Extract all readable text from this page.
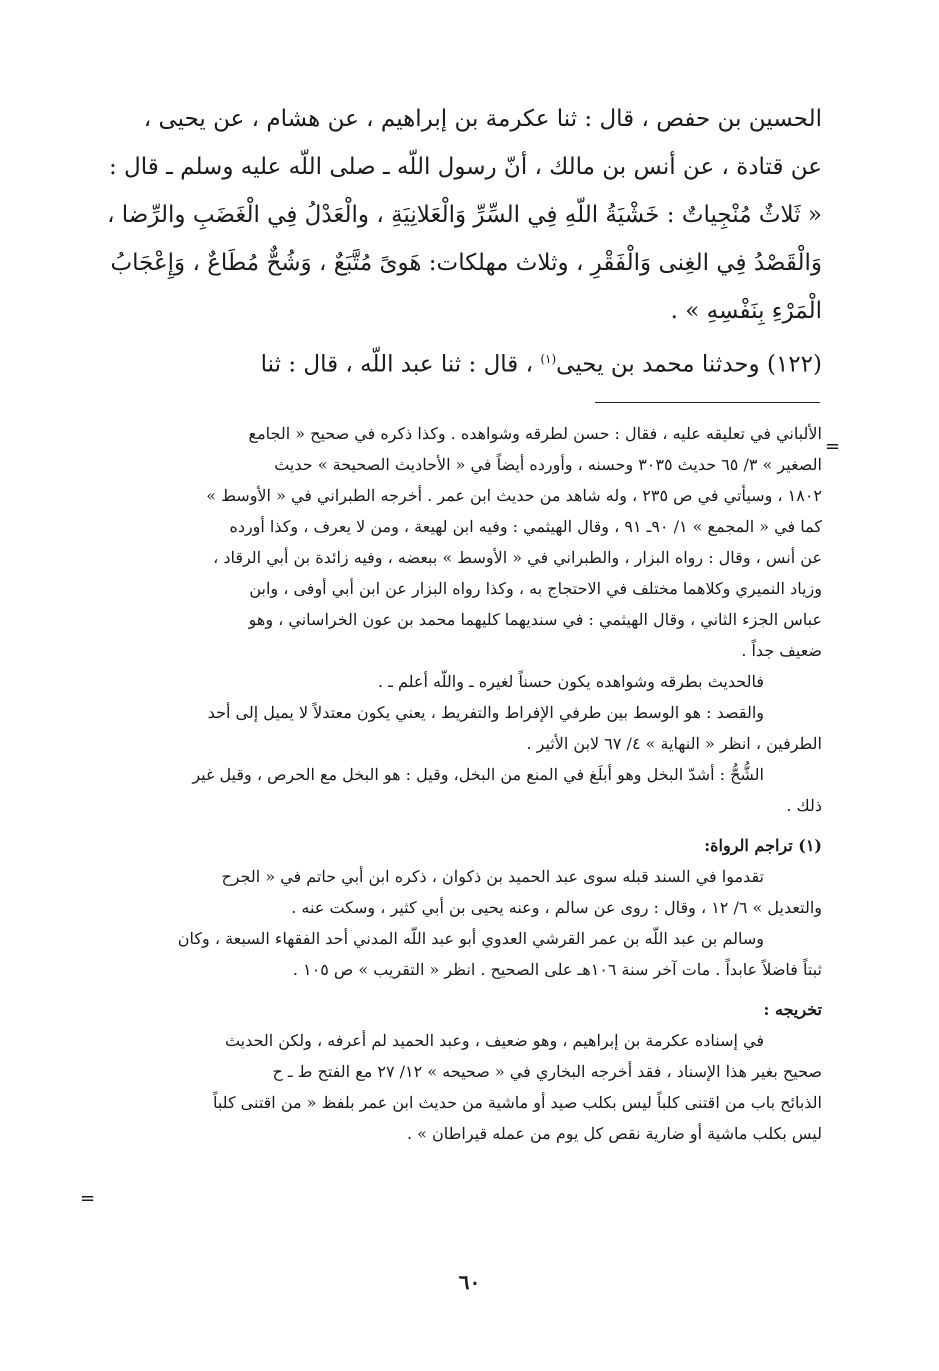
الحسين بن حفص ، قال : ثنا عكرمة بن إبراهيم ، عن هشام ، عن يحيى ،
عن قتادة ، عن أنس بن مالك ، أنّ رسول اللّه ـ صلى اللّه عليه وسلم ـ قال :
« ثَلاثٌ مُنْجِياتٌ : خَشْيَةُ اللّهِ فِي السِّرِّ وَالْعَلانِيَةِ ، والْعَدْلُ فِي الْغَضَبِ والرِّضا ،
وَالْقَصْدُ فِي الغِنى وَالْفَقْرِ ، وثلاث مهلكات: هَوىً مُتَّبَعٌ ، وَشُحٌّ مُطَاعٌ ، وَإِعْجَابُ
الْمَرْءِ بِنَفْسِهِ » .
(١٢٢) وحدثنا محمد بن يحيى$^{(١)}$ ، قال : ثنا عبد اللّه ، قال : ثنا
=
الألباني في تعليقه عليه ، فقال : حسن لطرقه وشواهده . وكذا ذكره في صحيح « الجامع
الصغير » ٣/ ٦٥ حديث ٣٠٣٥ وحسنه ، وأورده أيضاً في « الأحاديث الصحيحة » حديث
١٨٠٢ ، وسيأتي في ص ٢٣٥ ، وله شاهد من حديث ابن عمر . أخرجه الطبراني في « الأوسط »
كما في « المجمع » ١/ ٩٠ـ ٩١ ، وقال الهيثمي : وفيه ابن لهيعة ، ومن لا يعرف ، وكذا أورده
عن أنس ، وقال : رواه البزار ، والطبراني في « الأوسط » ببعضه ، وفيه زائدة بن أبي الرقاد ،
وزياد النميري وكلاهما مختلف في الاحتجاج به ، وكذا رواه البزار عن ابن أبي أوفى ، وابن
عباس الجزء الثاني ، وقال الهيثمي : في سنديهما كليهما محمد بن عون الخراساني ، وهو
ضعيف جداً .
فالحديث بطرقه وشواهده يكون حسناً لغيره ـ واللّه أعلم ـ .
والقصد : هو الوسط بين طرفي الإفراط والتفريط ، يعني يكون معتدلاً لا يميل إلى أحد
الطرفين ، انظر « النهاية » ٤/ ٦٧ لابن الأثير .
الشُّحُّ : أشدّ البخل وهو أبلَغ في المنع من البخل، وقيل : هو البخل مع الحرص ، وقيل غير
ذلك .
(١) تراجم الرواة:
تقدموا في السند قبله سوى عبد الحميد بن ذكوان ، ذكره ابن أبي حاتم في « الجرح
والتعديل » ٦/ ١٢ ، وقال : روى عن سالم ، وعنه يحيى بن أبي كثير ، وسكت عنه .
وسالم بن عبد اللّه بن عمر القرشي العدوي أبو عبد اللّه المدني أحد الفقهاء السبعة ، وكان
ثبتاً فاضلاً عابداً . مات آخر سنة ١٠٦هـ على الصحيح . انظر « التقريب » ص ١٠٥ .
تخريجه :
في إسناده عكرمة بن إبراهيم ، وهو ضعيف ، وعبد الحميد لم أعرفه ، ولكن الحديث
صحيح بغير هذا الإسناد ، فقد أخرجه البخاري في « صحيحه » ١٢/ ٢٧ مع الفتح ط ـ ح
الذبائح باب من اقتنى كلباً ليس بكلب صيد أو ماشية من حديث ابن عمر بلفظ « من اقتنى كلباً
ليس بكلب ماشية أو ضارية نقص كل يوم من عمله قيراطان » .
=
٦٠
